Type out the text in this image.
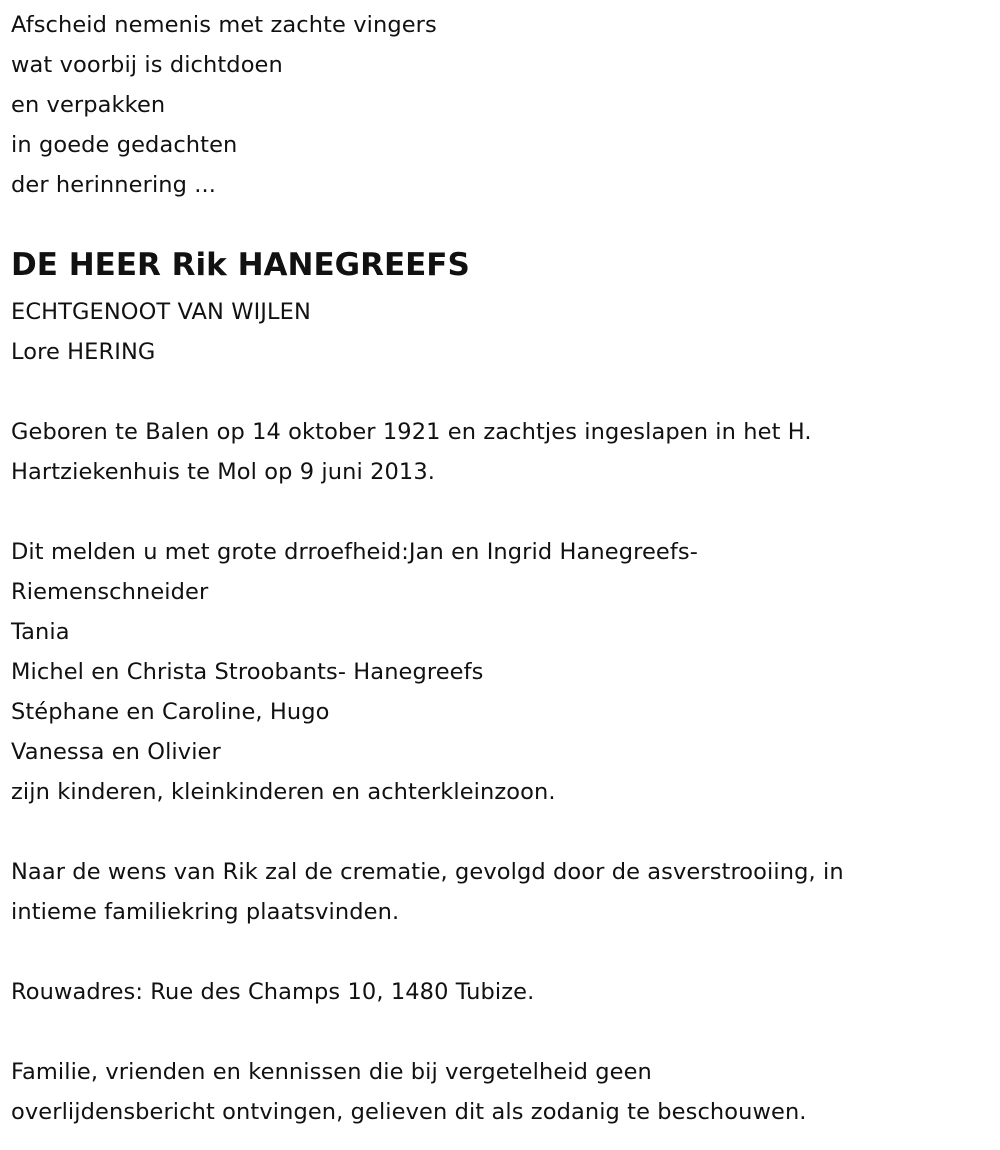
Afscheid nemenis met zachte vingers
wat voorbij is dichtdoen
en verpakken
in goede gedachten
der herinnering ...
DE HEER Rik HANEGREEFS
ECHTGENOOT VAN WIJLEN
Lore HERING
Geboren te Balen op 14 oktober 1921 en zachtjes ingeslapen in het H.
Hartziekenhuis te Mol op 9 juni 2013.
Dit melden u met grote drroefheid:Jan en Ingrid Hanegreefs-
Riemenschneider
Tania
Michel en Christa Stroobants- Hanegreefs
Stéphane en Caroline, Hugo
Vanessa en Olivier
zijn kinderen, kleinkinderen en achterkleinzoon.
Naar de wens van Rik zal de crematie, gevolgd door de asverstrooiing, in
intieme familiekring plaatsvinden.
Rouwadres: Rue des Champs 10, 1480 Tubize.
Familie, vrienden en kennissen die bij vergetelheid geen
overlijdensbericht ontvingen, gelieven dit als zodanig te beschouwen.
